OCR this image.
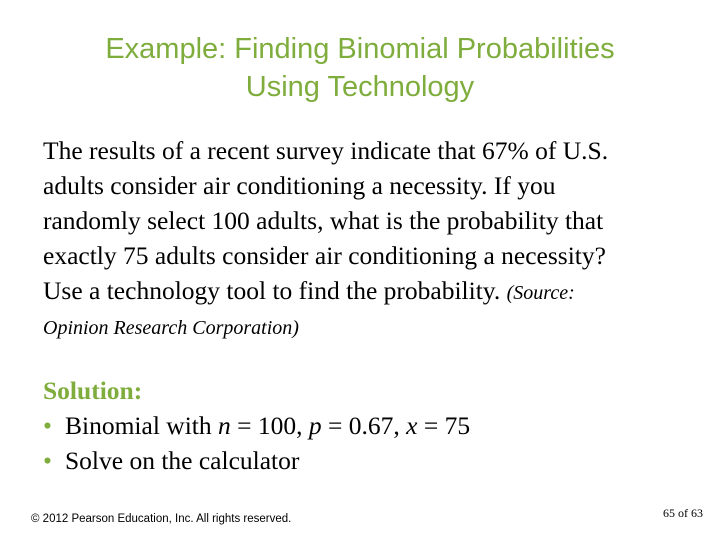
Example: Finding Binomial Probabilities
Using Technology
The results of a recent survey indicate that 67% of U.S.
adults consider air conditioning a necessity. If you
randomly select 100 adults, what is the probability that
exactly 75 adults consider air conditioning a necessity?
Use a technology tool to find the probability. (Source:
Opinion Research Corporation)
Solution:
• Binomial with n = 100, p = 0.67, x = 75
• Solve on the calculator
© 2012 Pearson Education, Inc. All rights reserved.	65 of 63
